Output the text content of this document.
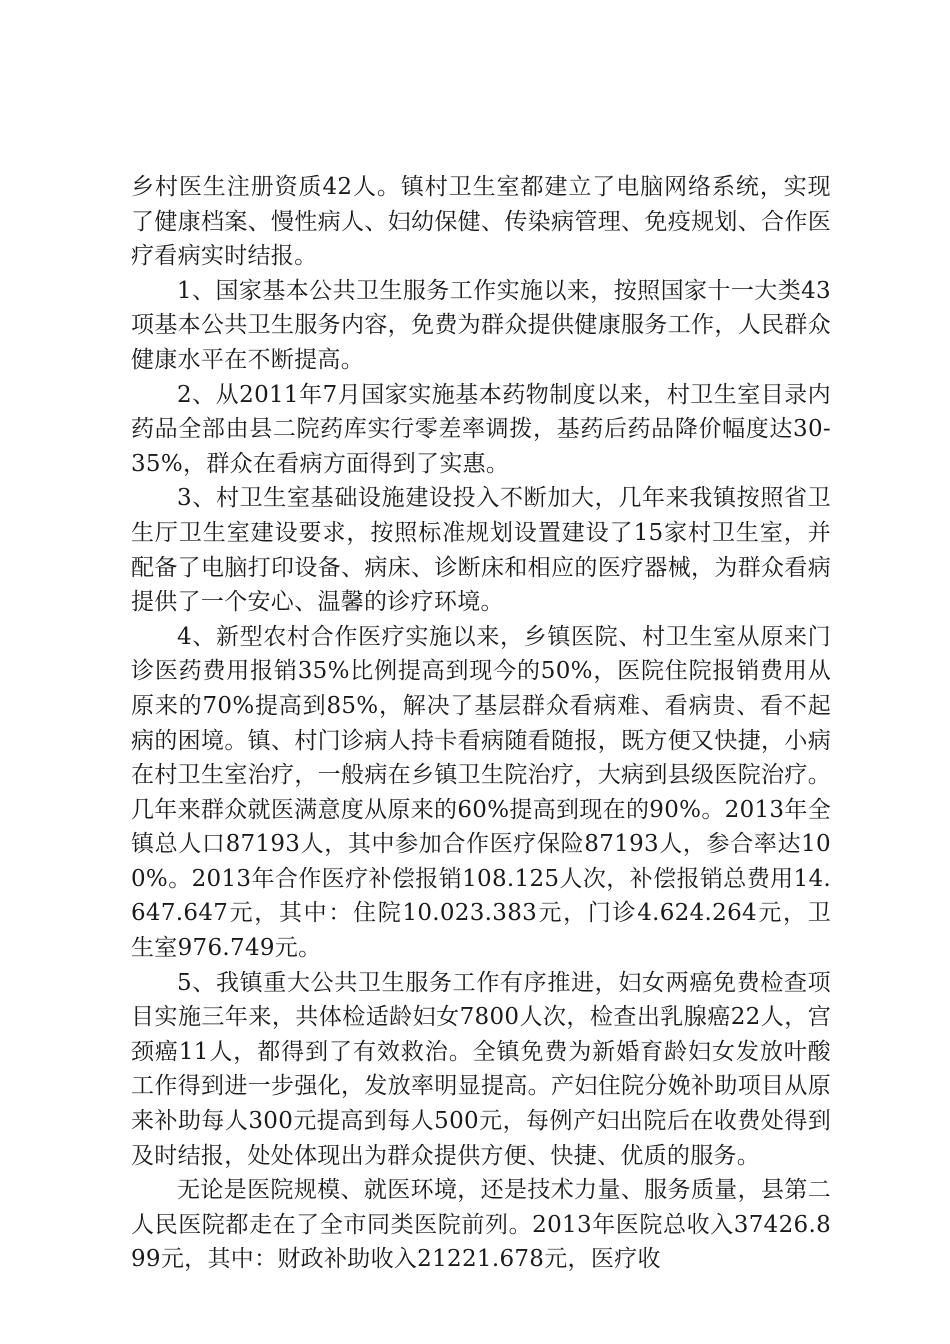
乡村医生注册资质42人。镇村卫生室都建立了电脑网络系统，实现了健康档案、慢性病人、妇幼保健、传染病管理、免疫规划、合作医疗看病实时结报。

1、国家基本公共卫生服务工作实施以来，按照国家十一大类43项基本公共卫生服务内容，免费为群众提供健康服务工作，人民群众健康水平在不断提高。

2、从2011年7月国家实施基本药物制度以来，村卫生室目录内药品全部由县二院药库实行零差率调拨，基药后药品降价幅度达30-35%，群众在看病方面得到了实惠。

3、村卫生室基础设施建设投入不断加大，几年来我镇按照省卫生厅卫生室建设要求，按照标准规划设置建设了15家村卫生室，并配备了电脑打印设备、病床、诊断床和相应的医疗器械，为群众看病提供了一个安心、温馨的诊疗环境。

4、新型农村合作医疗实施以来，乡镇医院、村卫生室从原来门诊医药费用报销35%比例提高到现今的50%，医院住院报销费用从原来的70%提高到85%，解决了基层群众看病难、看病贵、看不起病的困境。镇、村门诊病人持卡看病随看随报，既方便又快捷，小病在村卫生室治疗，一般病在乡镇卫生院治疗，大病到县级医院治疗。几年来群众就医满意度从原来的60%提高到现在的90%。2013年全镇总人口87193人，其中参加合作医疗保险87193人，参合率达100%。2013年合作医疗补偿报销108.125人次，补偿报销总费用14.647.647元，其中：住院10.023.383元，门诊4.624.264元，卫生室976.749元。

5、我镇重大公共卫生服务工作有序推进，妇女两癌免费检查项目实施三年来，共体检适龄妇女7800人次，检查出乳腺癌22人，宫颈癌11人，都得到了有效救治。全镇免费为新婚育龄妇女发放叶酸工作得到进一步强化，发放率明显提高。产妇住院分娩补助项目从原来补助每人300元提高到每人500元，每例产妇出院后在收费处得到及时结报，处处体现出为群众提供方便、快捷、优质的服务。

无论是医院规模、就医环境，还是技术力量、服务质量，县第二人民医院都走在了全市同类医院前列。2013年医院总收入37426.899元，其中：财政补助收入21221.678元，医疗收
